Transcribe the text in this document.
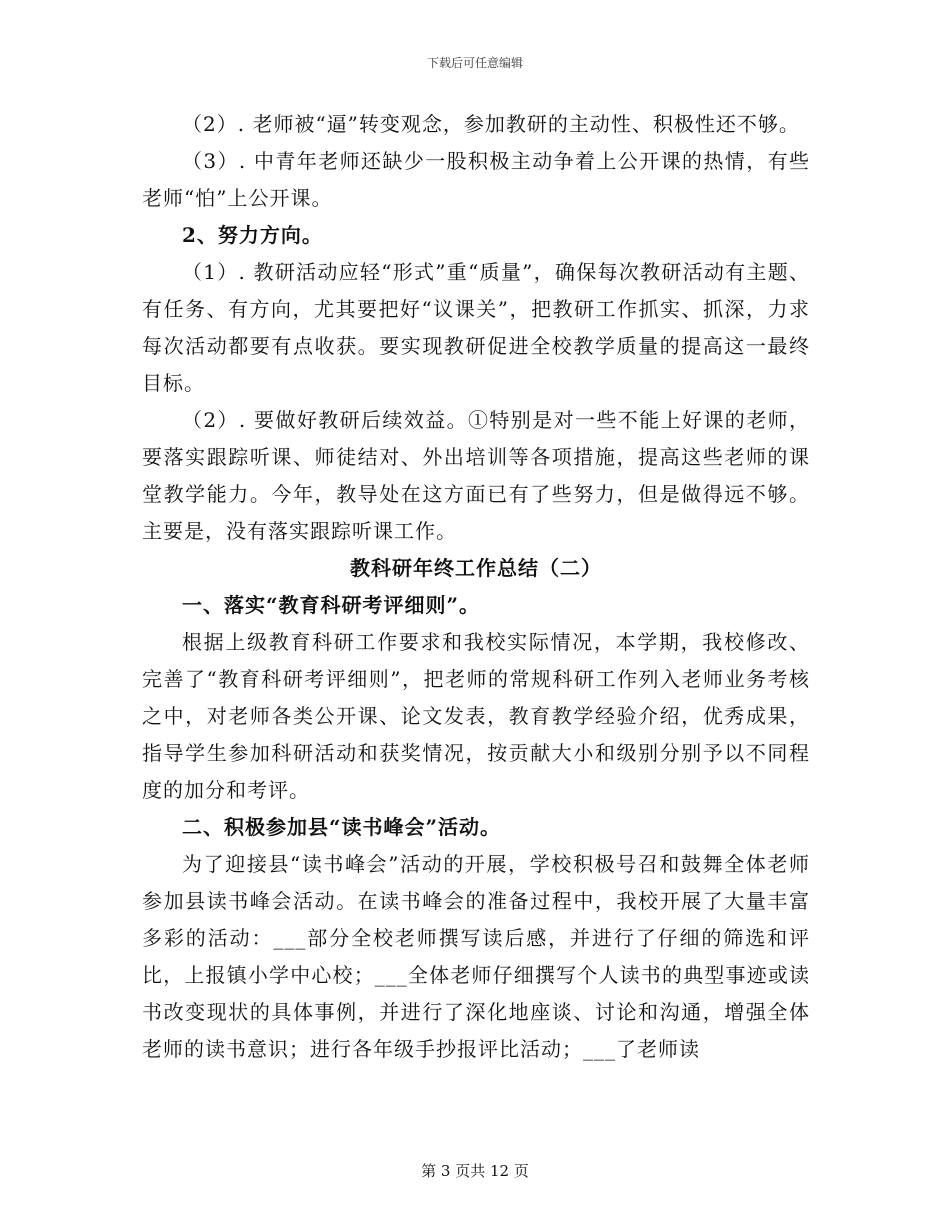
下载后可任意编辑

（2）. 老师被“逼”转变观念，参加教研的主动性、积极性还不够。

（3）. 中青年老师还缺少一股积极主动争着上公开课的热情，有些老师“怕”上公开课。

2、努力方向。

（1）. 教研活动应轻“形式”重“质量”，确保每次教研活动有主题、有任务、有方向，尤其要把好“议课关”，把教研工作抓实、抓深，力求每次活动都要有点收获。要实现教研促进全校教学质量的提高这一最终目标。

（2）. 要做好教研后续效益。①特别是对一些不能上好课的老师，要落实跟踪听课、师徒结对、外出培训等各项措施，提高这些老师的课堂教学能力。今年，教导处在这方面已有了些努力，但是做得远不够。主要是，没有落实跟踪听课工作。

教科研年终工作总结（二）

一、落实“教育科研考评细则”。

根据上级教育科研工作要求和我校实际情况，本学期，我校修改、完善了“教育科研考评细则”，把老师的常规科研工作列入老师业务考核之中，对老师各类公开课、论文发表，教育教学经验介绍，优秀成果，指导学生参加科研活动和获奖情况，按贡献大小和级别分别予以不同程度的加分和考评。

二、积极参加县“读书峰会”活动。

为了迎接县“读书峰会”活动的开展，学校积极号召和鼓舞全体老师参加县读书峰会活动。在读书峰会的准备过程中，我校开展了大量丰富多彩的活动：___部分全校老师撰写读后感，并进行了仔细的筛选和评比，上报镇小学中心校；___全体老师仔细撰写个人读书的典型事迹或读书改变现状的具体事例，并进行了深化地座谈、讨论和沟通，增强全体老师的读书意识；进行各年级手抄报评比活动；___了老师读

第 3 页共 12 页
